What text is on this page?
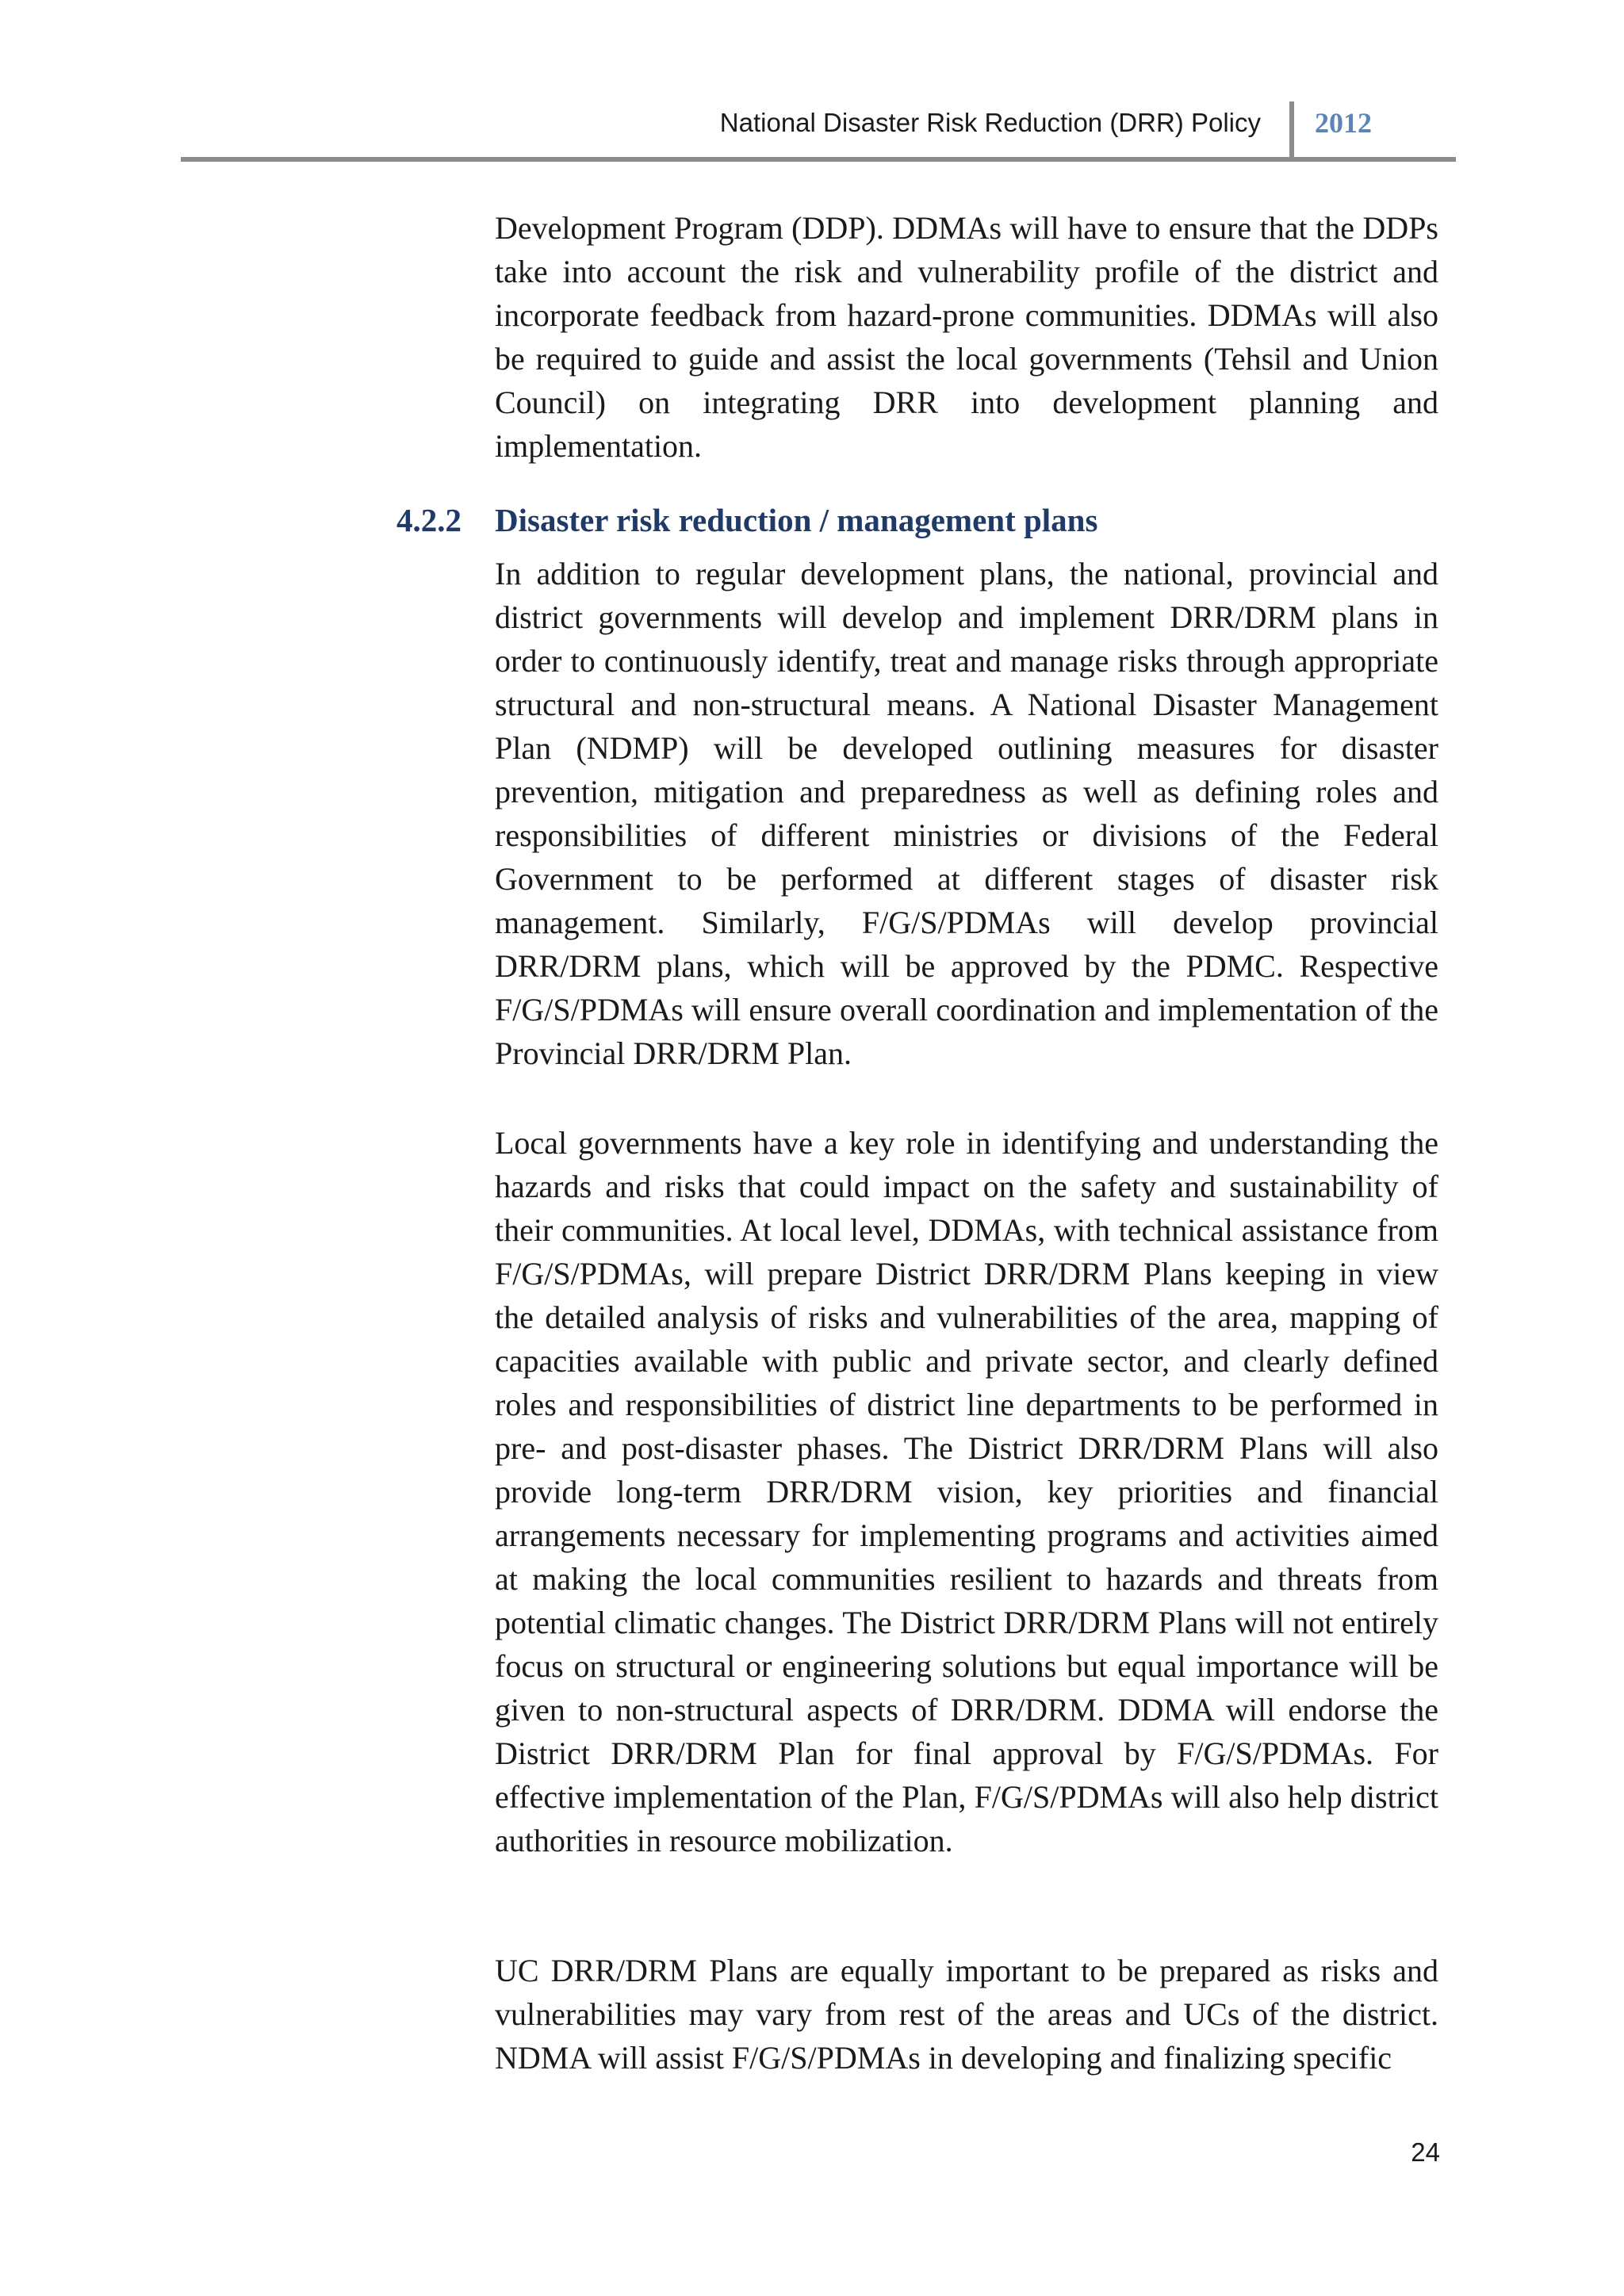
National Disaster Risk Reduction (DRR) Policy 2012

Development Program (DDP). DDMAs will have to ensure that the DDPs take into account the risk and vulnerability profile of the district and incorporate feedback from hazard-prone communities. DDMAs will also be required to guide and assist the local governments (Tehsil and Union Council) on integrating DRR into development planning and implementation.

4.2.2 Disaster risk reduction / management plans

In addition to regular development plans, the national, provincial and district governments will develop and implement DRR/DRM plans in order to continuously identify, treat and manage risks through appropriate structural and non-structural means. A National Disaster Management Plan (NDMP) will be developed outlining measures for disaster prevention, mitigation and preparedness as well as defining roles and responsibilities of different ministries or divisions of the Federal Government to be performed at different stages of disaster risk management. Similarly, F/G/S/PDMAs will develop provincial DRR/DRM plans, which will be approved by the PDMC. Respective F/G/S/PDMAs will ensure overall coordination and implementation of the Provincial DRR/DRM Plan.

Local governments have a key role in identifying and understanding the hazards and risks that could impact on the safety and sustainability of their communities. At local level, DDMAs, with technical assistance from F/G/S/PDMAs, will prepare District DRR/DRM Plans keeping in view the detailed analysis of risks and vulnerabilities of the area, mapping of capacities available with public and private sector, and clearly defined roles and responsibilities of district line departments to be performed in pre- and post-disaster phases. The District DRR/DRM Plans will also provide long-term DRR/DRM vision, key priorities and financial arrangements necessary for implementing programs and activities aimed at making the local communities resilient to hazards and threats from potential climatic changes. The District DRR/DRM Plans will not entirely focus on structural or engineering solutions but equal importance will be given to non-structural aspects of DRR/DRM. DDMA will endorse the District DRR/DRM Plan for final approval by F/G/S/PDMAs. For effective implementation of the Plan, F/G/S/PDMAs will also help district authorities in resource mobilization.

UC DRR/DRM Plans are equally important to be prepared as risks and vulnerabilities may vary from rest of the areas and UCs of the district. NDMA will assist F/G/S/PDMAs in developing and finalizing specific

24
